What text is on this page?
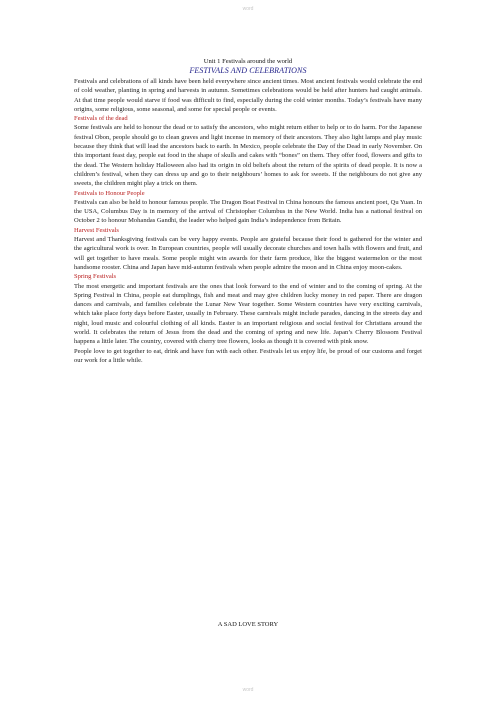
word

Unit 1 Festivals around the world

FESTIVALS AND CELEBRATIONS

Festivals and celebrations of all kinds have been held everywhere since ancient times. Most ancient festivals would celebrate the end of cold weather, planting in spring and harvests in autumn. Sometimes celebrations would be held after hunters had caught animals. At that time people would starve if food was difficult to find, especially during the cold winter months. Today’s festivals have many origins, some religious, some seasonal, and some for special people or events.

Festivals of the dead

Some festivals are held to honour the dead or to satisfy the ancestors, who might return either to help or to do harm. For the Japanese festival Obon, people should go to clean graves and light incense in memory of their ancestors. They also light lamps and play music because they think that will lead the ancestors back to earth. In Mexico, people celebrate the Day of the Dead in early November. On this important feast day, people eat food in the shape of skulls and cakes with “bones” on them. They offer food, flowers and gifts to the dead. The Western holiday Halloween also had its origin in old beliefs about the return of the spirits of dead people. It is now a children’s festival, when they can dress up and go to their neighbours’ homes to ask for sweets. If the neighbours do not give any sweets, the children might play a trick on them.

Festivals to Honour People

Festivals can also be held to honour famous people. The Dragon Boat Festival in China honours the famous ancient poet, Qu Yuan. In the USA, Columbus Day is in memory of the arrival of Christopher Columbus in the New World. India has a national festival on October 2 to honour Mohandas Gandhi, the leader who helped gain India’s independence from Britain.

Harvest Festivals

Harvest and Thanksgiving festivals can be very happy events. People are grateful because their food is gathered for the winter and the agricultural work is over. In European countries, people will usually decorate churches and town halls with flowers and fruit, and will get together to have meals. Some people might win awards for their farm produce, like the biggest watermelon or the most handsome rooster. China and Japan have mid-autumn festivals when people admire the moon and in China enjoy moon-cakes.

Spring Festivals

The most energetic and important festivals are the ones that look forward to the end of winter and to the coming of spring. At the Spring Festival in China, people eat dumplings, fish and meat and may give children lucky money in red paper. There are dragon dances and carnivals, and families celebrate the Lunar New Year together. Some Western countries have very exciting carnivals, which take place forty days before Easter, usually in February. These carnivals might include parades, dancing in the streets day and night, loud music and colourful clothing of all kinds. Easter is an important religious and social festival for Christians around the world. It celebrates the return of Jesus from the dead and the coming of spring and new life. Japan’s Cherry Blossom Festival happens a little later. The country, covered with cherry tree flowers, looks as though it is covered with pink snow.

People love to get together to eat, drink and have fun with each other. Festivals let us enjoy life, be proud of our customs and forget our work for a little while.

A SAD LOVE STORY

word
